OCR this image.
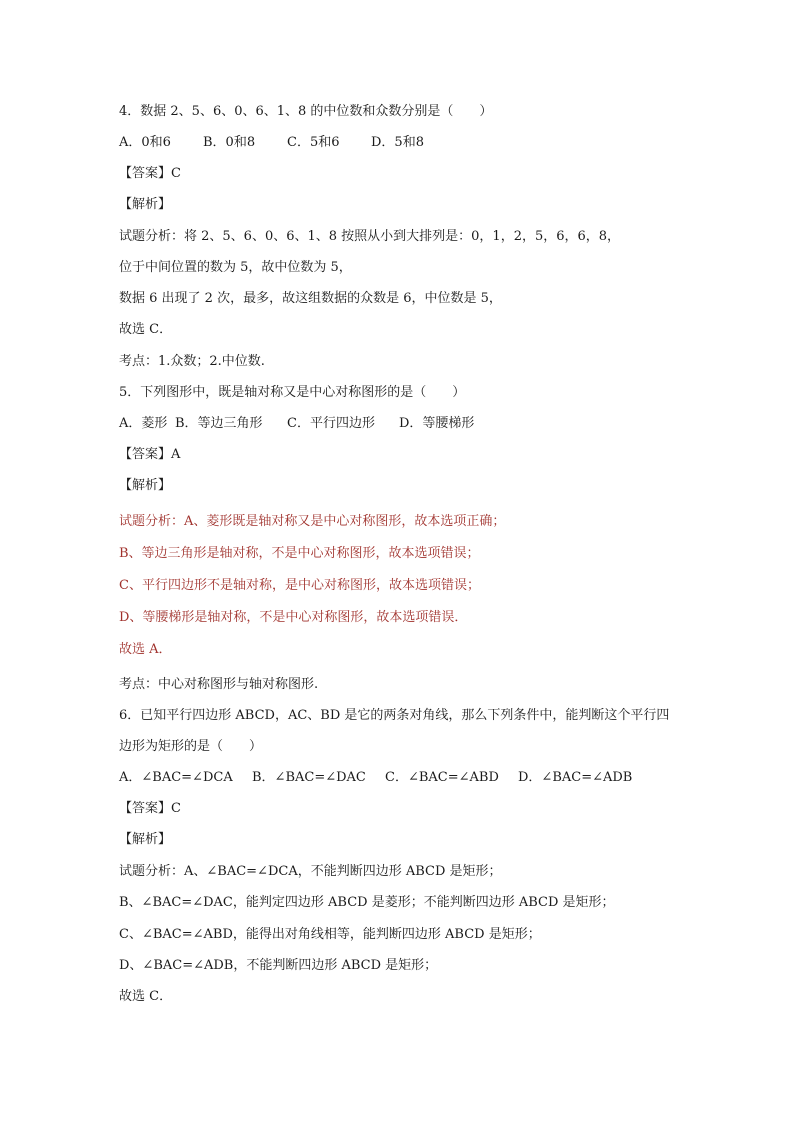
4．数据 2、5、6、0、6、1、8 的中位数和众数分别是（　　）
A．0和6 B．0和8 C．5和6 D．5和8
【答案】C
【解析】
试题分析：将 2、5、6、0、6、1、8 按照从小到大排列是：0，1，2，5，6，6，8，
位于中间位置的数为 5，故中位数为 5，
数据 6 出现了 2 次，最多，故这组数据的众数是 6，中位数是 5，
故选 C．
考点：1.众数；2.中位数.
5．下列图形中，既是轴对称又是中心对称图形的是（　　）
A．菱形 B．等边三角形 C．平行四边形 D．等腰梯形
【答案】A
【解析】
试题分析：A、菱形既是轴对称又是中心对称图形，故本选项正确；
B、等边三角形是轴对称，不是中心对称图形，故本选项错误；
C、平行四边形不是轴对称，是中心对称图形，故本选项错误；
D、等腰梯形是轴对称，不是中心对称图形，故本选项错误．
故选 A．
考点：中心对称图形与轴对称图形.
6．已知平行四边形 ABCD，AC、BD 是它的两条对角线，那么下列条件中，能判断这个平行四
边形为矩形的是（　　）
A．∠BAC=∠DCA B．∠BAC=∠DAC C．∠BAC=∠ABD D．∠BAC=∠ADB
【答案】C
【解析】
试题分析：A、∠BAC=∠DCA，不能判断四边形 ABCD 是矩形；
B、∠BAC=∠DAC，能判定四边形 ABCD 是菱形；不能判断四边形 ABCD 是矩形；
C、∠BAC=∠ABD，能得出对角线相等，能判断四边形 ABCD 是矩形；
D、∠BAC=∠ADB，不能判断四边形 ABCD 是矩形；
故选 C．
